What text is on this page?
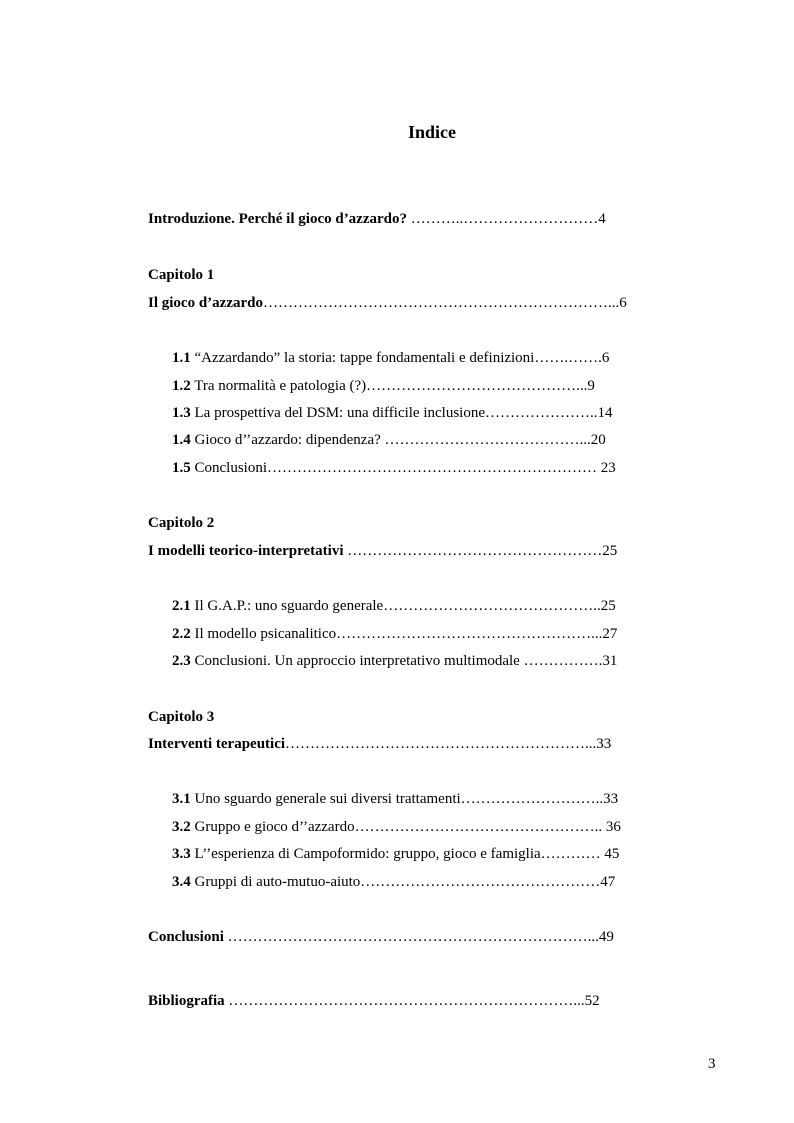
Indice
Introduzione. Perché il gioco d’azzardo? ………..………………………4
Capitolo 1
Il gioco d’azzardo……………………………………………………………...6
1.1 “Azzardando” la storia: tappe fondamentali e definizioni…….…….6
1.2 Tra normalità e patologia (?)……………………………………...9
1.3 La prospettiva del DSM: una difficile inclusione…………………..14
1.4 Gioco d’’azzardo: dipendenza? …………………………………...20
1.5 Conclusioni………………………………………………………… 23
Capitolo 2
I modelli teorico-interpretativi ……………………………………………25
2.1 Il G.A.P.: uno sguardo generale……………………………………..25
2.2 Il modello psicanalitico……………………………………………...27
2.3 Conclusioni. Un approccio interpretativo multimodale …………….31
Capitolo 3
Interventi terapeutici……………………………………………………...33
3.1 Uno sguardo generale sui diversi trattamenti………………………..33
3.2 Gruppo e gioco d’’azzardo………………………………………….. 36
3.3 L’’esperienza di Campoformido: gruppo, gioco e famiglia………… 45
3.4 Gruppi di auto-mutuo-aiuto…………………………………………47
Conclusioni ………………………………………………………………...49
Bibliografia ……………………………………………………………...52
3
